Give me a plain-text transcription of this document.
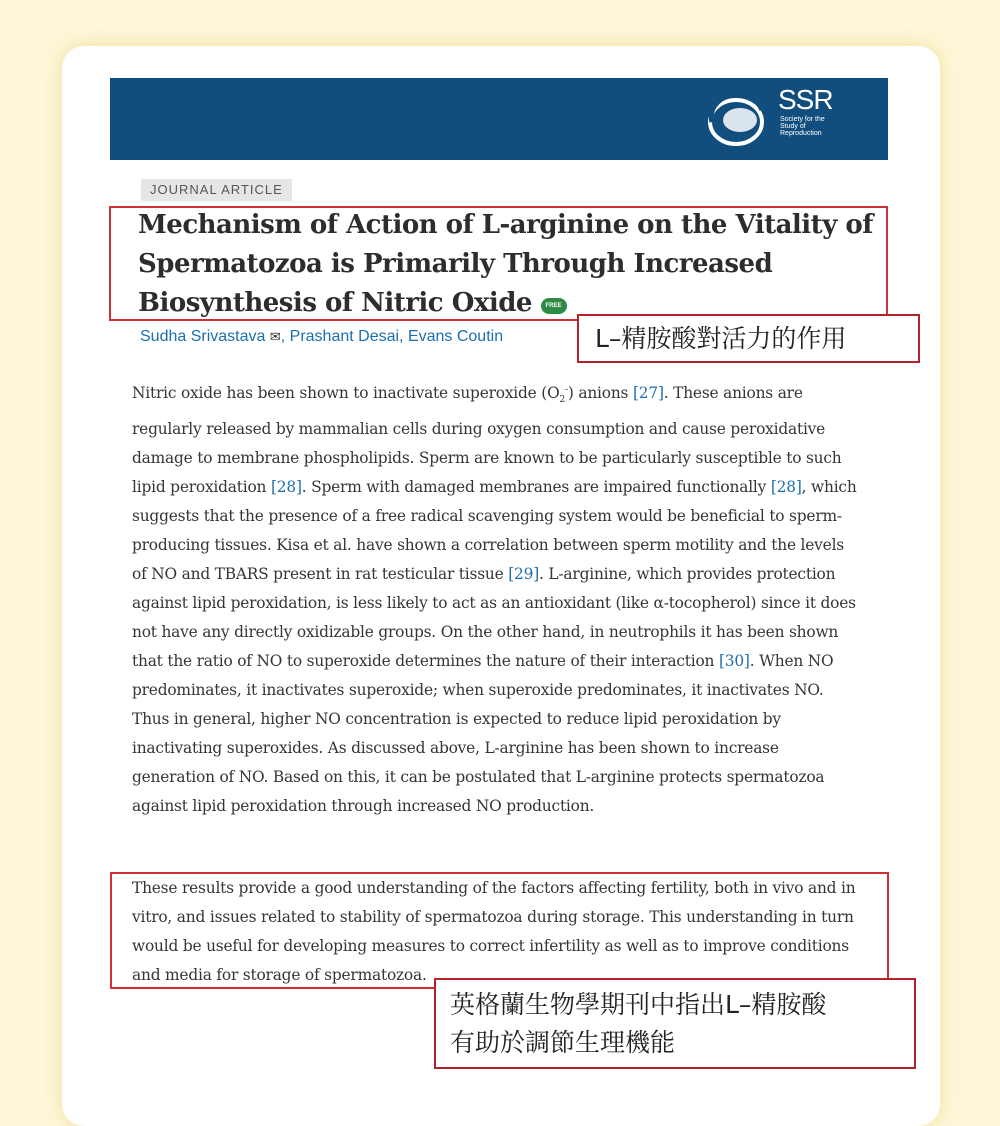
SSR
Society for the Study of Reproduction
JOURNAL ARTICLE
Mechanism of Action of L-arginine on the Vitality of Spermatozoa is Primarily Through Increased Biosynthesis of Nitric Oxide FREE
Sudha Srivastava ✉, Prashant Desai, Evans Coutin	L–精胺酸對活力的作用
Nitric oxide has been shown to inactivate superoxide $(O_2^-)$ anions [27]. These anions are regularly released by mammalian cells during oxygen consumption and cause peroxidative damage to membrane phospholipids. Sperm are known to be particularly susceptible to such lipid peroxidation [28]. Sperm with damaged membranes are impaired functionally [28], which suggests that the presence of a free radical scavenging system would be beneficial to sperm-producing tissues. Kisa et al. have shown a correlation between sperm motility and the levels of NO and TBARS present in rat testicular tissue [29]. L-arginine, which provides protection against lipid peroxidation, is less likely to act as an antioxidant (like α-tocopherol) since it does not have any directly oxidizable groups. On the other hand, in neutrophils it has been shown that the ratio of NO to superoxide determines the nature of their interaction [30]. When NO predominates, it inactivates superoxide; when superoxide predominates, it inactivates NO. Thus in general, higher NO concentration is expected to reduce lipid peroxidation by inactivating superoxides. As discussed above, L-arginine has been shown to increase generation of NO. Based on this, it can be postulated that L-arginine protects spermatozoa against lipid peroxidation through increased NO production.
These results provide a good understanding of the factors affecting fertility, both in vivo and in vitro, and issues related to stability of spermatozoa during storage. This understanding in turn would be useful for developing measures to correct infertility as well as to improve conditions and media for storage of spermatozoa.
英格蘭生物學期刊中指出L–精胺酸
有助於調節生理機能
